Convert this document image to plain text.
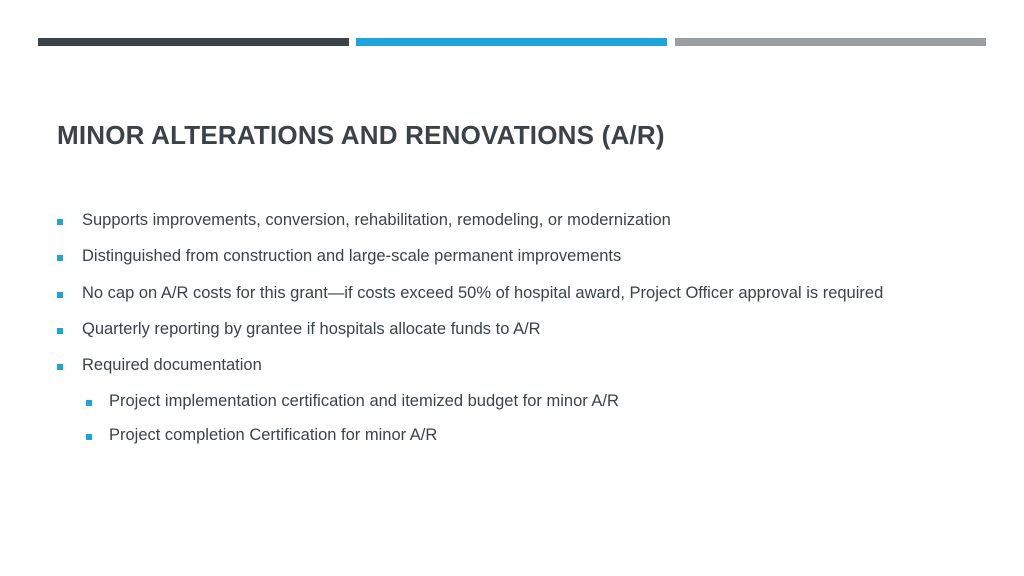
MINOR ALTERATIONS AND RENOVATIONS (A/R)
Supports improvements, conversion, rehabilitation, remodeling, or modernization
Distinguished from construction and large-scale permanent improvements
No cap on A/R costs for this grant—if costs exceed 50% of hospital award, Project Officer approval is required
Quarterly reporting by grantee if hospitals allocate funds to A/R
Required documentation
Project implementation certification and itemized budget for minor A/R
Project completion Certification for minor A/R
